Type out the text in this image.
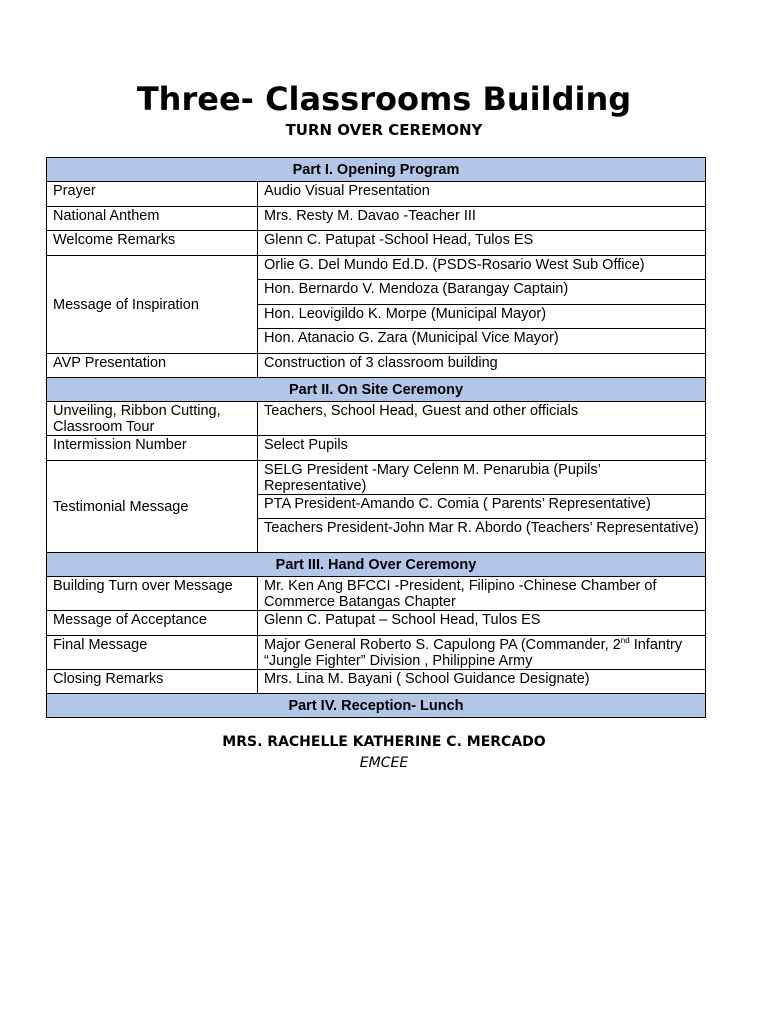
Three- Classrooms Building
TURN OVER CEREMONY
Part I. Opening Program	
Prayer	Audio Visual Presentation
National Anthem	Mrs. Resty M. Davao -Teacher III
Welcome Remarks	Glenn C. Patupat -School Head, Tulos ES
Message of Inspiration	Orlie G. Del Mundo Ed.D. (PSDS-Rosario West Sub Office)
	Hon. Bernardo V. Mendoza (Barangay Captain)
	Hon. Leovigildo K. Morpe (Municipal Mayor)
	Hon. Atanacio G. Zara (Municipal Vice Mayor)
AVP Presentation	Construction of 3 classroom building
Part II. On Site Ceremony	
Unveiling, Ribbon Cutting, Classroom Tour	Teachers, School Head, Guest and other officials
Intermission Number	Select Pupils
Testimonial Message	SELG President -Mary Celenn M. Penarubia (Pupils’ Representative)
	PTA President-Amando C. Comia ( Parents’ Representative)
	Teachers President-John Mar R. Abordo (Teachers’ Representative)
Part III. Hand Over Ceremony	
Building Turn over Message	Mr. Ken Ang BFCCI -President, Filipino -Chinese Chamber of Commerce Batangas Chapter
Message of Acceptance	Glenn C. Patupat – School Head, Tulos ES
Final Message	Major General Roberto S. Capulong PA (Commander, 2nd Infantry “Jungle Fighter” Division , Philippine Army
Closing Remarks	Mrs. Lina M. Bayani ( School Guidance Designate)
Part IV. Reception- Lunch	
MRS. RACHELLE KATHERINE C. MERCADO
EMCEE
